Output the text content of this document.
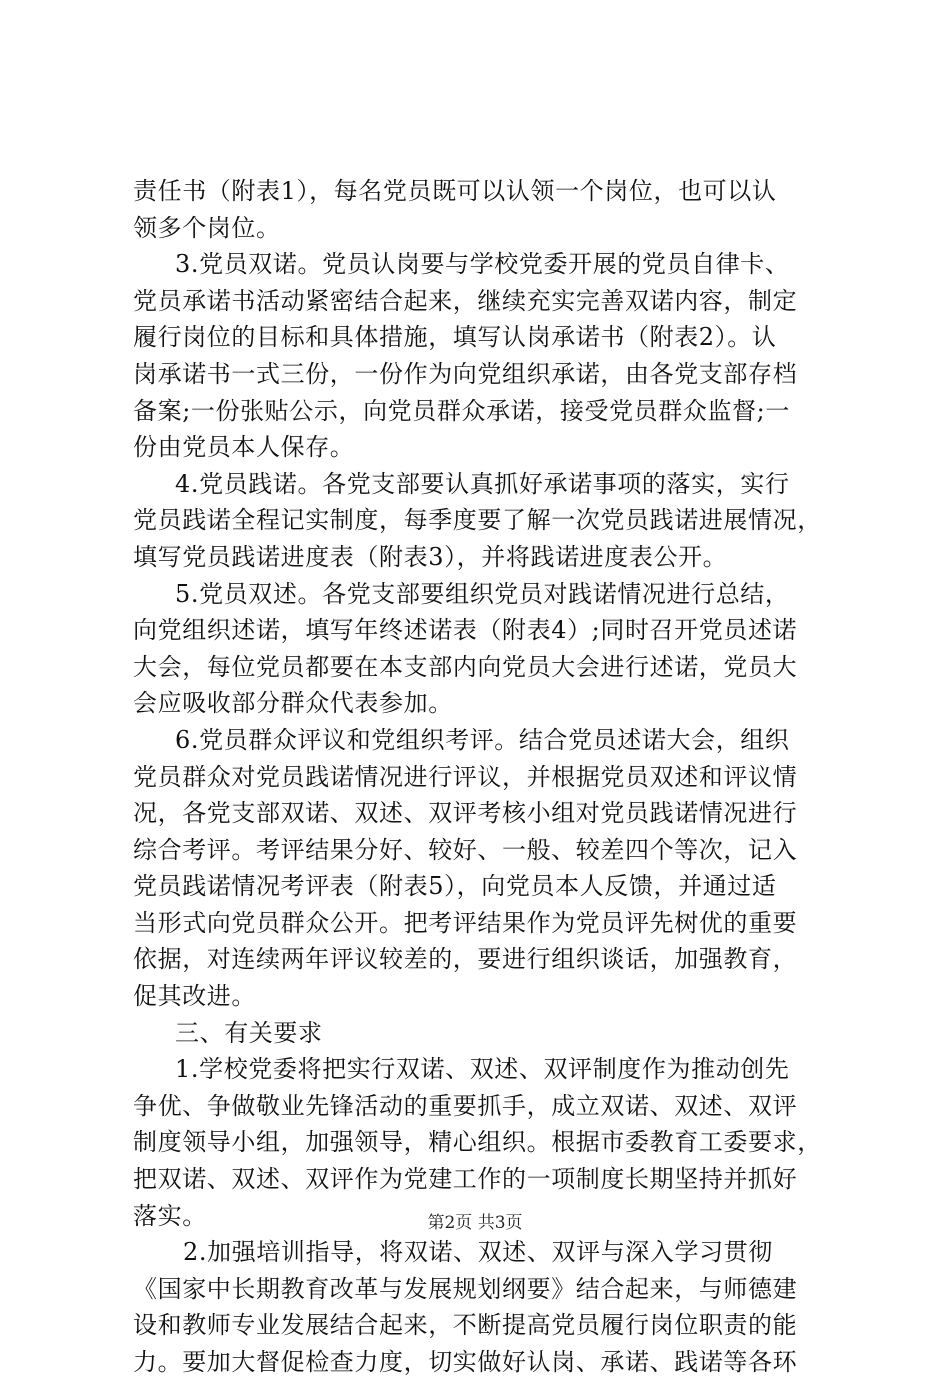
责任书（附表1），每名党员既可以认领一个岗位，也可以认
领多个岗位。
3.党员双诺。党员认岗要与学校党委开展的党员自律卡、
党员承诺书活动紧密结合起来，继续充实完善双诺内容，制定
履行岗位的目标和具体措施，填写认岗承诺书（附表2）。认
岗承诺书一式三份，一份作为向党组织承诺，由各党支部存档
备案;一份张贴公示，向党员群众承诺，接受党员群众监督;一
份由党员本人保存。
4.党员践诺。各党支部要认真抓好承诺事项的落实，实行
党员践诺全程记实制度，每季度要了解一次党员践诺进展情况，
填写党员践诺进度表（附表3），并将践诺进度表公开。
5.党员双述。各党支部要组织党员对践诺情况进行总结，
向党组织述诺，填写年终述诺表（附表4）;同时召开党员述诺
大会，每位党员都要在本支部内向党员大会进行述诺，党员大
会应吸收部分群众代表参加。
6.党员群众评议和党组织考评。结合党员述诺大会，组织
党员群众对党员践诺情况进行评议，并根据党员双述和评议情
况，各党支部双诺、双述、双评考核小组对党员践诺情况进行
综合考评。考评结果分好、较好、一般、较差四个等次，记入
党员践诺情况考评表（附表5），向党员本人反馈，并通过适
当形式向党员群众公开。把考评结果作为党员评先树优的重要
依据，对连续两年评议较差的，要进行组织谈话，加强教育，
促其改进。
三、有关要求
1.学校党委将把实行双诺、双述、双评制度作为推动创先
争优、争做敬业先锋活动的重要抓手，成立双诺、双述、双评
制度领导小组，加强领导，精心组织。根据市委教育工委要求，
把双诺、双述、双评作为党建工作的一项制度长期坚持并抓好
落实。
2.加强培训指导，将双诺、双述、双评与深入学习贯彻
《国家中长期教育改革与发展规划纲要》结合起来，与师德建
设和教师专业发展结合起来，不断提高党员履行岗位职责的能
力。要加大督促检查力度，切实做好认岗、承诺、践诺等各环
第2页 共3页
